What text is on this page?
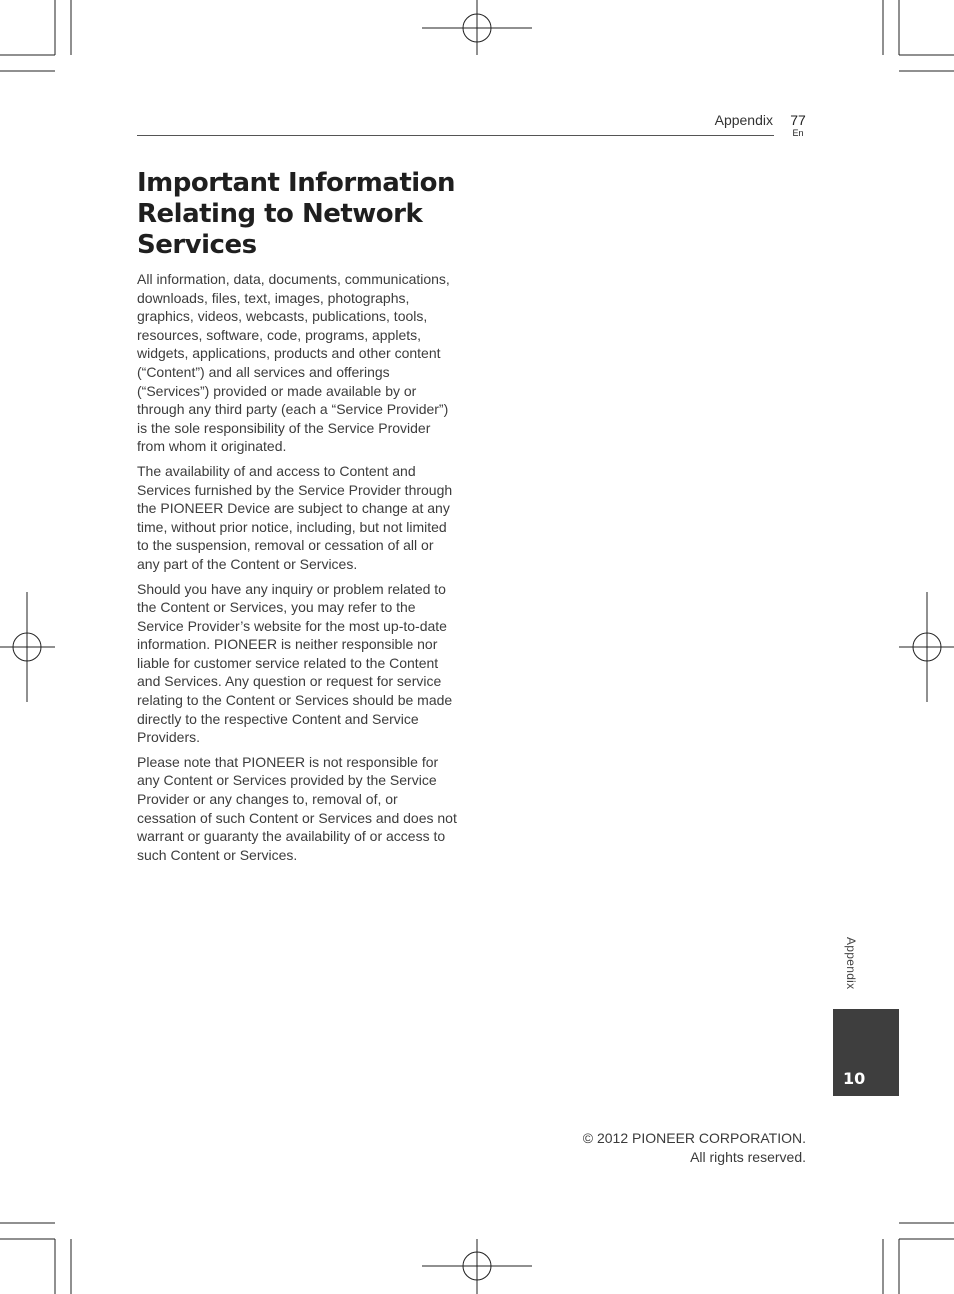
Appendix	77
En
Important Information Relating to Network Services

All information, data, documents, communications, downloads, files, text, images, photographs, graphics, videos, webcasts, publications, tools, resources, software, code, programs, applets, widgets, applications, products and other content (“Content”) and all services and offerings (“Services”) provided or made available by or through any third party (each a “Service Provider”) is the sole responsibility of the Service Provider from whom it originated.

The availability of and access to Content and Services furnished by the Service Provider through the PIONEER Device are subject to change at any time, without prior notice, including, but not limited to the suspension, removal or cessation of all or any part of the Content or Services.

Should you have any inquiry or problem related to the Content or Services, you may refer to the Service Provider’s website for the most up-to-date information. PIONEER is neither responsible nor liable for customer service related to the Content and Services. Any question or request for service relating to the Content or Services should be made directly to the respective Content and Service Providers.

Please note that PIONEER is not responsible for any Content or Services provided by the Service Provider or any changes to, removal of, or cessation of such Content or Services and does not warrant or guaranty the availability of or access to such Content or Services.

Appendix
10
© 2012 PIONEER CORPORATION.
All rights reserved.
